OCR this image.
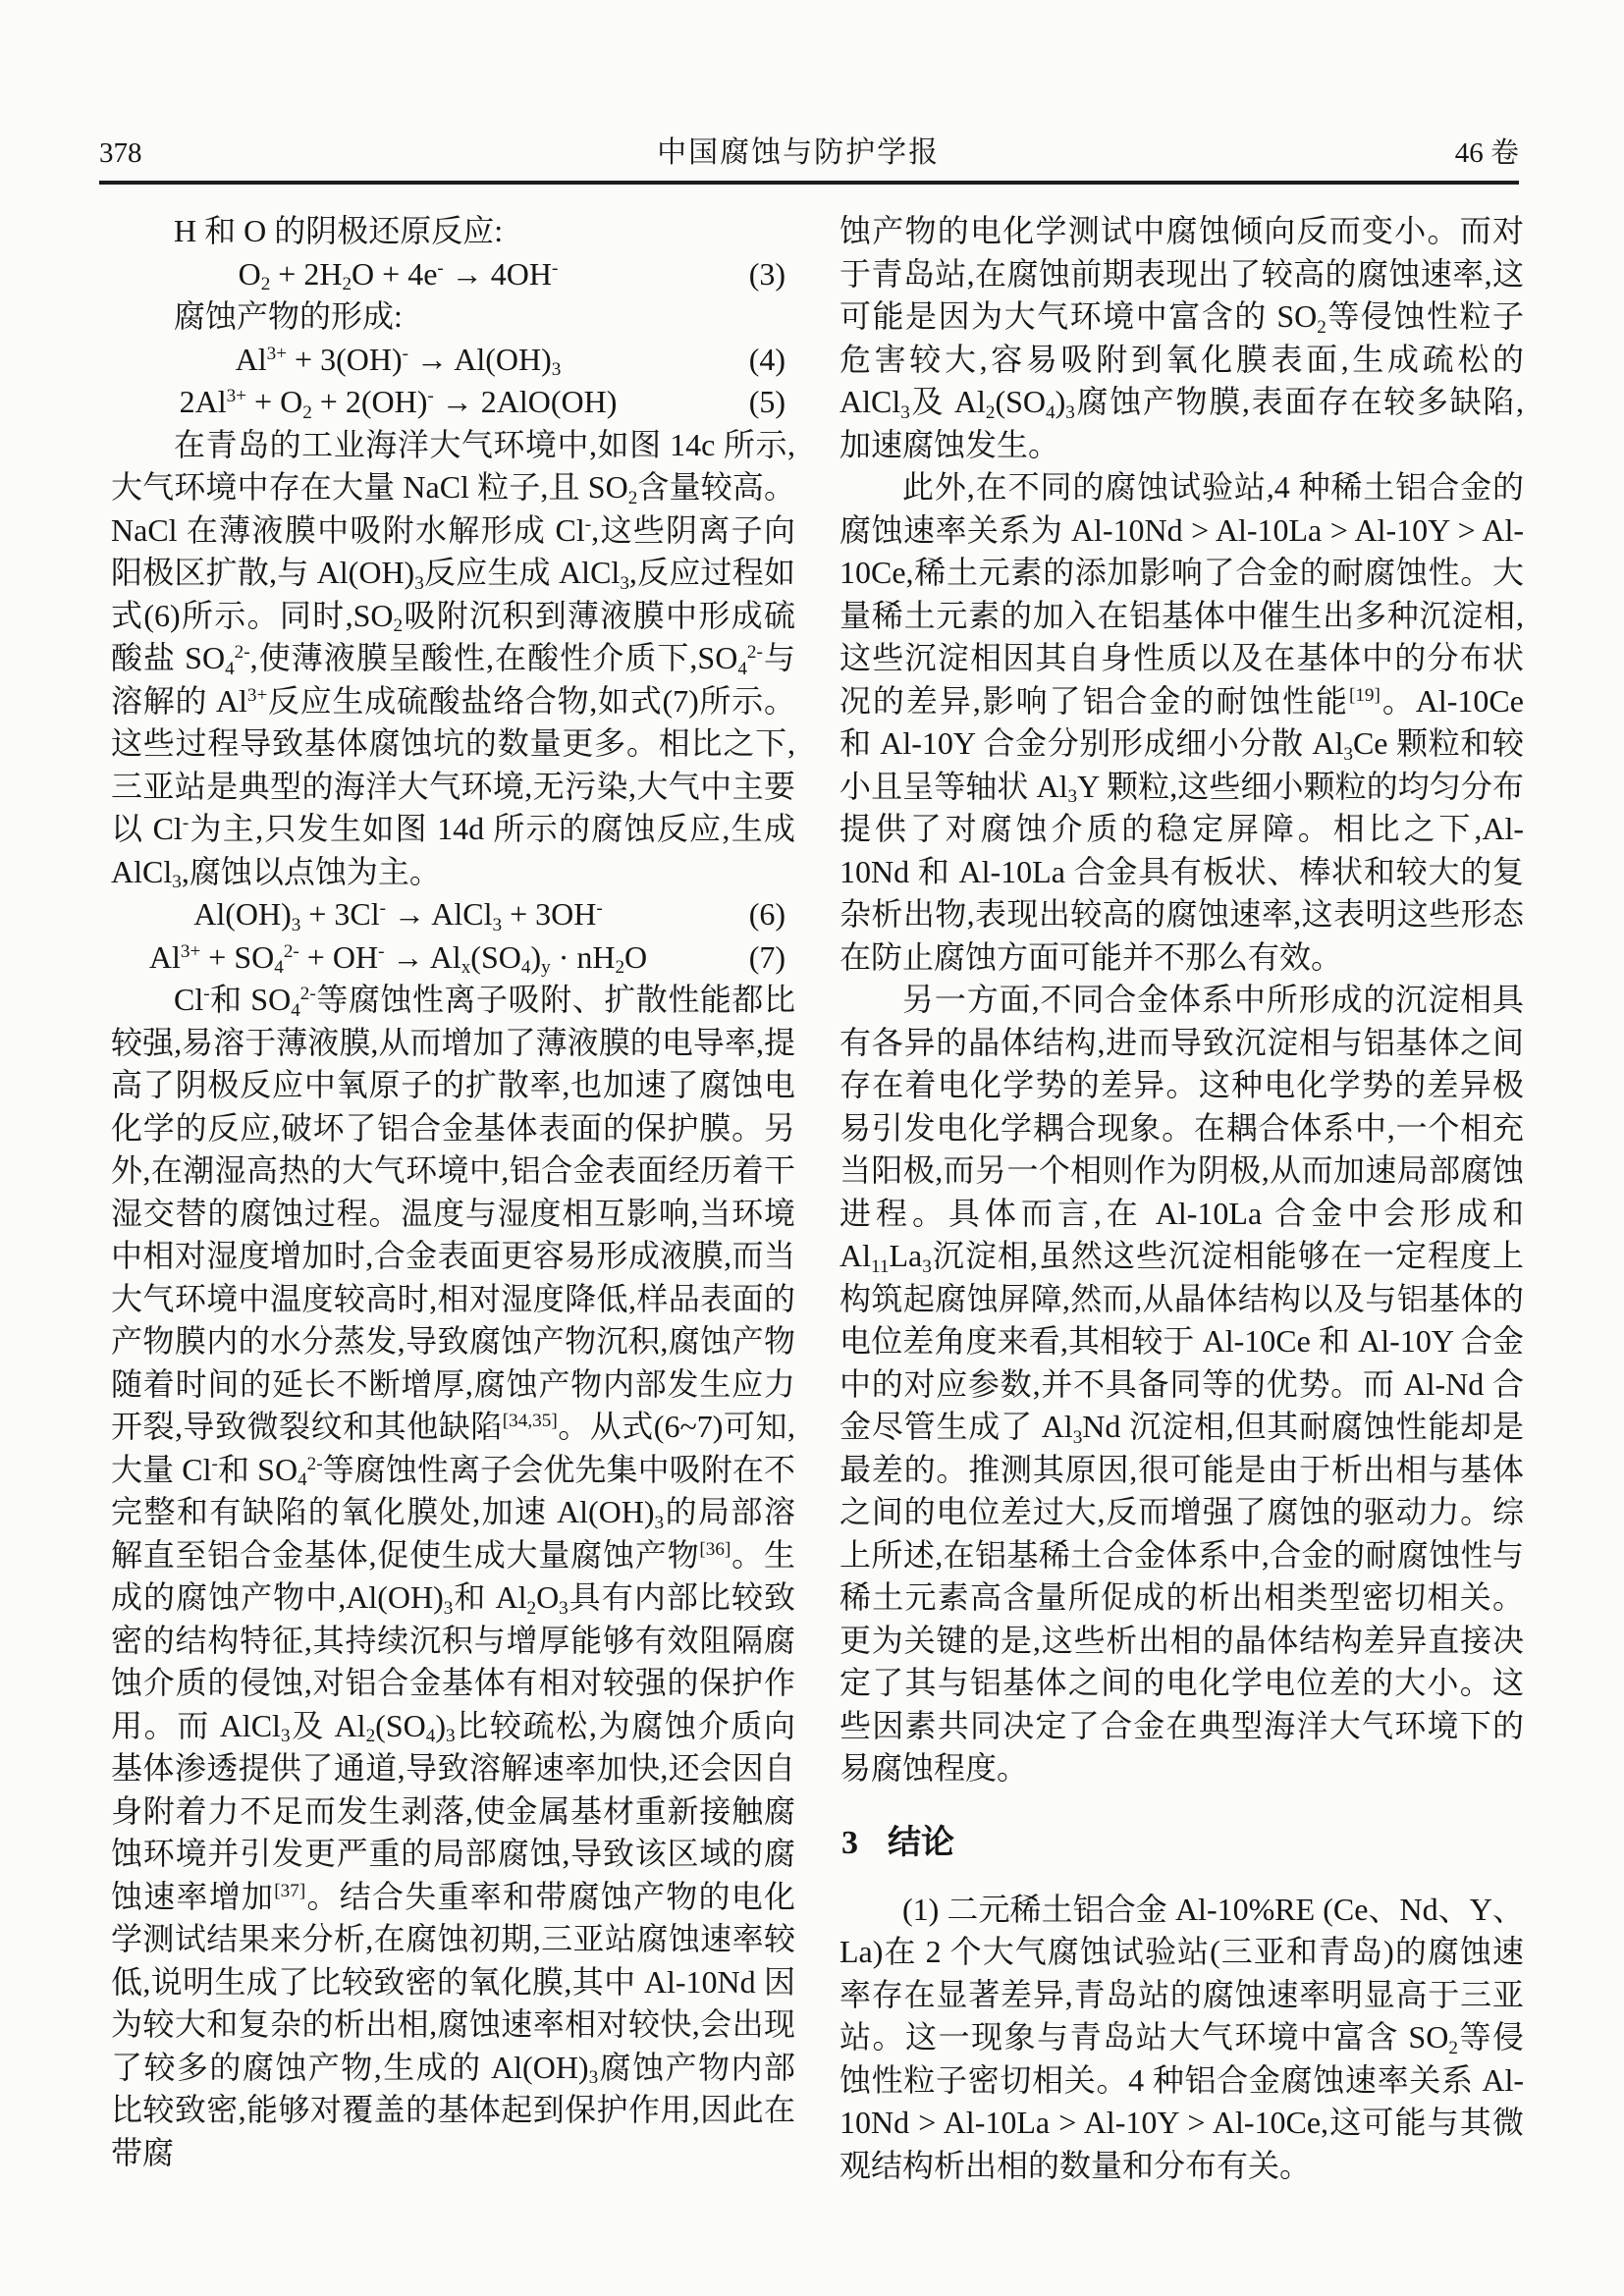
378	中国腐蚀与防护学报	46 卷

H 和 O 的阴极还原反应:

$O_2 + 2H_2O + 4e^- \to 4OH^-$	(3)

腐蚀产物的形成:

$Al^{3+} + 3(OH)^- \to Al(OH)_3$	(4)
$2Al^{3+} + O_2 + 2(OH)^- \to 2AlO(OH)$	(5)

在青岛的工业海洋大气环境中,如图 14c 所示,大气环境中存在大量 NaCl 粒子,且 $SO_2$含量较高。NaCl 在薄液膜中吸附水解形成 Cl-,这些阴离子向阳极区扩散,与 $Al(OH)_3$反应生成 AlCl$_3$,反应过程如式(6)所示。同时$,SO_2$吸附沉积到薄液膜中形成硫酸盐 $SO_4^{2-}$,使薄液膜呈酸性,在酸性介质下$,SO_4^{2-}$与溶解的 $Al^{3+}$反应生成硫酸盐络合物,如式(7)所示。这些过程导致基体腐蚀坑的数量更多。相比之下,三亚站是典型的海洋大气环境,无污染,大气中主要以 Cl-为主,只发生如图 14d 所示的腐蚀反应,生成 AlCl$_3$,腐蚀以点蚀为主。

$Al(OH)_3 + 3Cl^-$ → AlCl$_3$ + 3OH-	(6)
$Al^{3+} + SO_4^{2-} + OH^- \to Al_x(SO_4)_y \cdot nH_2O$	(7)

Cl-和 $SO_4^{2-}$等腐蚀性离子吸附、扩散性能都比较强,易溶于薄液膜,从而增加了薄液膜的电导率,提高了阴极反应中氧原子的扩散率,也加速了腐蚀电化学的反应,破坏了铝合金基体表面的保护膜。另外,在潮湿高热的大气环境中,铝合金表面经历着干湿交替的腐蚀过程。温度与湿度相互影响,当环境中相对湿度增加时,合金表面更容易形成液膜,而当大气环境中温度较高时,相对湿度降低,样品表面的产物膜内的水分蒸发,导致腐蚀产物沉积,腐蚀产物随着时间的延长不断增厚,腐蚀产物内部发生应力开裂,导致微裂纹和其他缺陷[34,35]。从式(6~7)可知,大量 Cl-和 $SO_4^{2-}$等腐蚀性离子会优先集中吸附在不完整和有缺陷的氧化膜处,加速 $Al(OH)_3$的局部溶解直至铝合金基体,促使生成大量腐蚀产物[36]。生成的腐蚀产物中$,Al(OH)_3$和 $Al_2O_3$具有内部比较致密的结构特征,其持续沉积与增厚能够有效阻隔腐蚀介质的侵蚀,对铝合金基体有相对较强的保护作用。而 AlCl$_3$及 $Al_2(SO_4)_3$比较疏松,为腐蚀介质向基体渗透提供了通道,导致溶解速率加快,还会因自身附着力不足而发生剥落,使金属基材重新接触腐蚀环境并引发更严重的局部腐蚀,导致该区域的腐蚀速率增加[37]。结合失重率和带腐蚀产物的电化学测试结果来分析,在腐蚀初期,三亚站腐蚀速率较低,说明生成了比较致密的氧化膜,其中 Al-10Nd 因为较大和复杂的析出相,腐蚀速率相对较快,会出现了较多的腐蚀产物,生成的 $Al(OH)_3$腐蚀产物内部比较致密,能够对覆盖的基体起到保护作用,因此在带腐

蚀产物的电化学测试中腐蚀倾向反而变小。而对于青岛站,在腐蚀前期表现出了较高的腐蚀速率,这可能是因为大气环境中富含的 $SO_2$等侵蚀性粒子危害较大,容易吸附到氧化膜表面,生成疏松的 AlCl$_3$及 $Al_2(SO_4)_3$腐蚀产物膜,表面存在较多缺陷,加速腐蚀发生。

此外,在不同的腐蚀试验站,4 种稀土铝合金的腐蚀速率关系为 Al-10Nd > Al-10La > Al-10Y > Al-10Ce,稀土元素的添加影响了合金的耐腐蚀性。大量稀土元素的加入在铝基体中催生出多种沉淀相,这些沉淀相因其自身性质以及在基体中的分布状况的差异,影响了铝合金的耐蚀性能[19]。Al-10Ce 和 Al-10Y 合金分别形成细小分散 $Al_3Ce$ 颗粒和较小且呈等轴状 $Al_3Y$ 颗粒,这些细小颗粒的均匀分布提供了对腐蚀介质的稳定屏障。相比之下,Al-10Nd 和 Al-10La 合金具有板状、棒状和较大的复杂析出物,表现出较高的腐蚀速率,这表明这些形态在防止腐蚀方面可能并不那么有效。

另一方面,不同合金体系中所形成的沉淀相具有各异的晶体结构,进而导致沉淀相与铝基体之间存在着电化学势的差异。这种电化学势的差异极易引发电化学耦合现象。在耦合体系中,一个相充当阳极,而另一个相则作为阴极,从而加速局部腐蚀进程。具体而言,在 Al-10La 合金中会形成和 $Al_{11}La_3$沉淀相,虽然这些沉淀相能够在一定程度上构筑起腐蚀屏障,然而,从晶体结构以及与铝基体的电位差角度来看,其相较于 Al-10Ce 和 Al-10Y 合金中的对应参数,并不具备同等的优势。而 Al-Nd 合金尽管生成了 $Al_3Nd$ 沉淀相,但其耐腐蚀性能却是最差的。推测其原因,很可能是由于析出相与基体之间的电位差过大,反而增强了腐蚀的驱动力。综上所述,在铝基稀土合金体系中,合金的耐腐蚀性与稀土元素高含量所促成的析出相类型密切相关。更为关键的是,这些析出相的晶体结构差异直接决定了其与铝基体之间的电化学电位差的大小。这些因素共同决定了合金在典型海洋大气环境下的易腐蚀程度。

3 结论

(1) 二元稀土铝合金 Al-10%RE (Ce、Nd、Y、La)在 2 个大气腐蚀试验站(三亚和青岛)的腐蚀速率存在显著差异,青岛站的腐蚀速率明显高于三亚站。这一现象与青岛站大气环境中富含 $SO_2$等侵蚀性粒子密切相关。4 种铝合金腐蚀速率关系 Al-10Nd > Al-10La > Al-10Y > Al-10Ce,这可能与其微观结构析出相的数量和分布有关。
